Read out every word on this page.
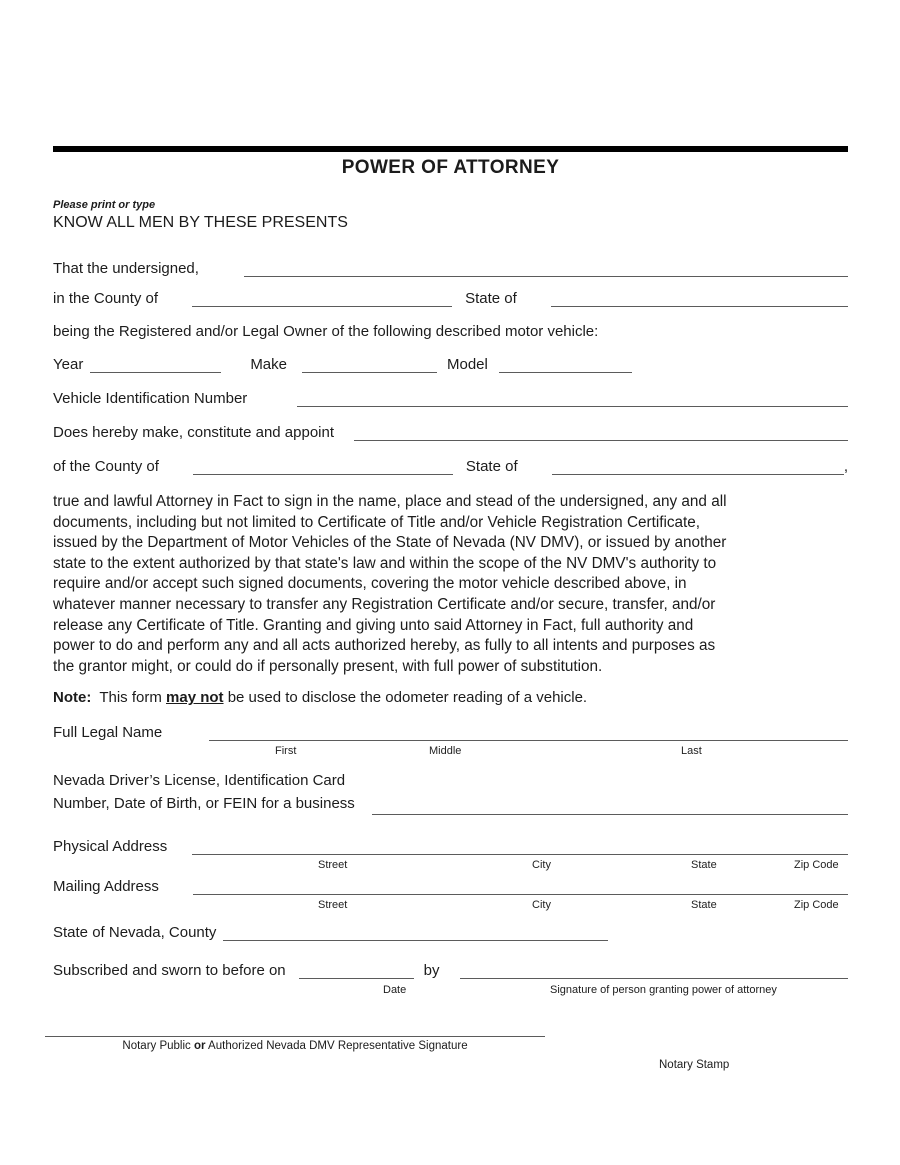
POWER OF ATTORNEY
Please print or type
KNOW ALL MEN BY THESE PRESENTS
That the undersigned,
in the County of	State of
being the Registered and/or Legal Owner of the following described motor vehicle:
Year	Make	Model
Vehicle Identification Number
Does hereby make, constitute and appoint
of the County of	State of	,
true and lawful Attorney in Fact to sign in the name, place and stead of the undersigned, any and all
documents, including but not limited to Certificate of Title and/or Vehicle Registration Certificate,
issued by the Department of Motor Vehicles of the State of Nevada (NV DMV), or issued by another
state to the extent authorized by that state's law and within the scope of the NV DMV's authority to
require and/or accept such signed documents, covering the motor vehicle described above, in
whatever manner necessary to transfer any Registration Certificate and/or secure, transfer, and/or
release any Certificate of Title. Granting and giving unto said Attorney in Fact, full authority and
power to do and perform any and all acts authorized hereby, as fully to all intents and purposes as
the grantor might, or could do if personally present, with full power of substitution.
Note: This form may not be used to disclose the odometer reading of a vehicle.
Full Legal Name
First	Middle	Last
Nevada Driver’s License, Identification Card
Number, Date of Birth, or FEIN for a business
Physical Address
Street	City	State	Zip Code
Mailing Address
Street	City	State	Zip Code
State of Nevada, County
Subscribed and sworn to before on	by
Date	Signature of person granting power of attorney
Notary Public or Authorized Nevada DMV Representative Signature
Notary Stamp
